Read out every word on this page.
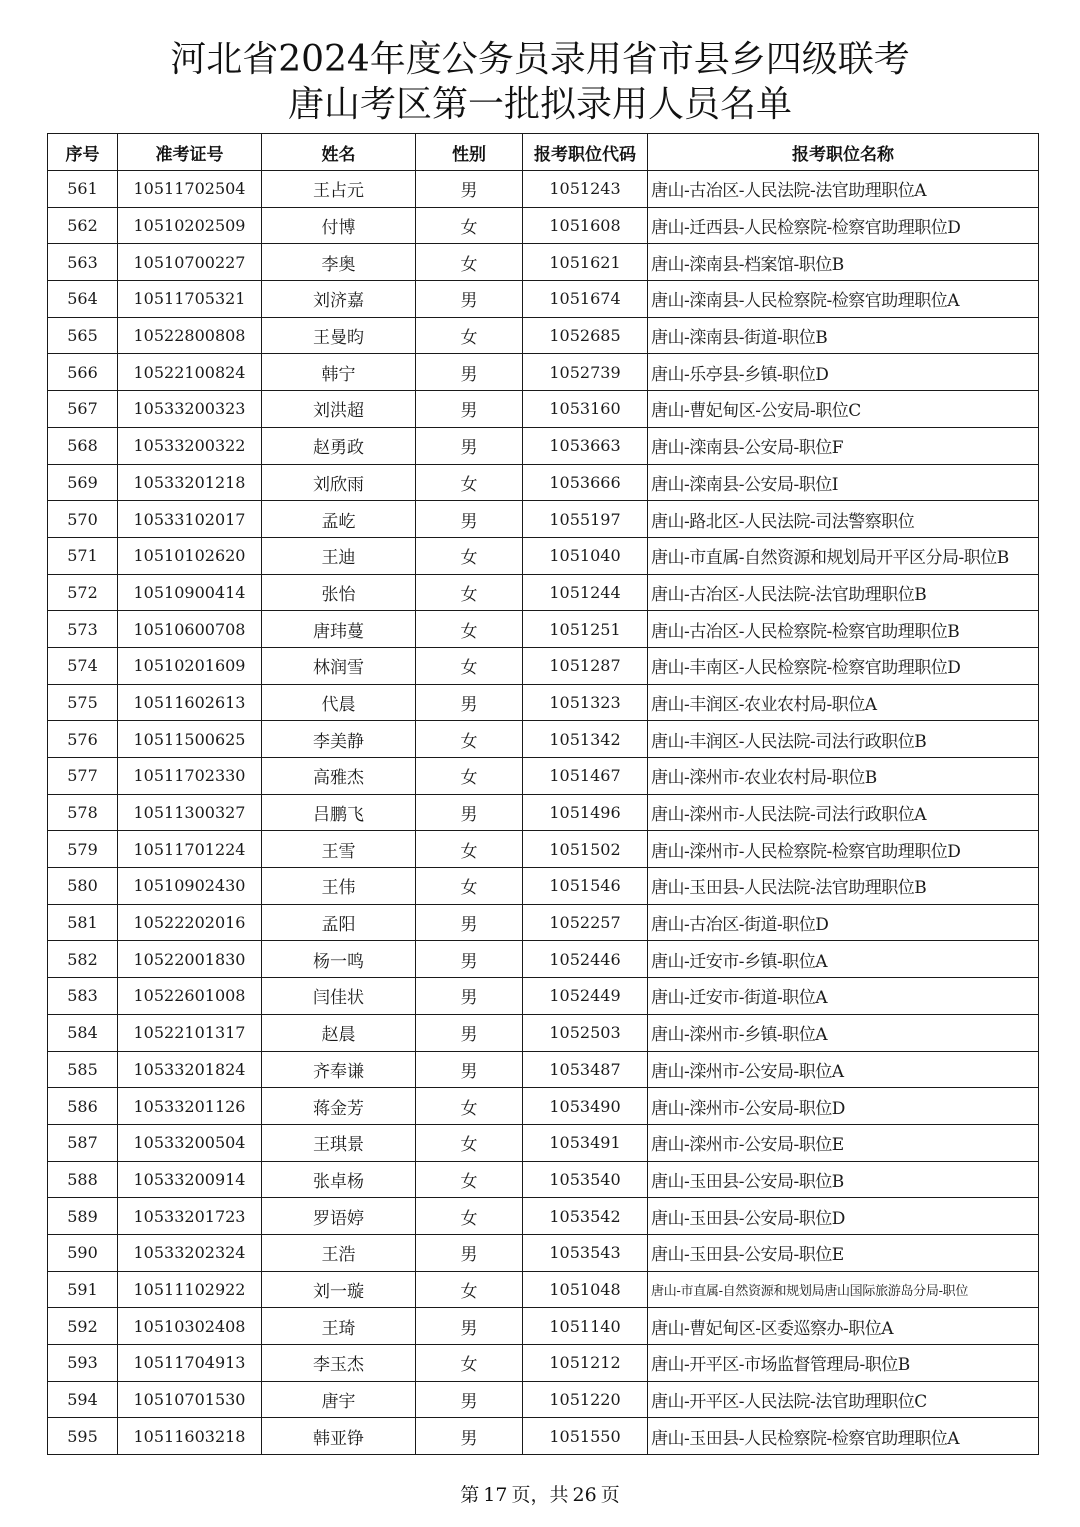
河北省2024年度公务员录用省市县乡四级联考
唐山考区第一批拟录用人员名单
序号	准考证号	姓名	性别	报考职位代码	报考职位名称
561	10511702504	王占元	男	1051243	唐山-古冶区-人民法院-法官助理职位A
562	10510202509	付博	女	1051608	唐山-迁西县-人民检察院-检察官助理职位D
563	10510700227	李奥	女	1051621	唐山-滦南县-档案馆-职位B
564	10511705321	刘济嘉	男	1051674	唐山-滦南县-人民检察院-检察官助理职位A
565	10522800808	王曼昀	女	1052685	唐山-滦南县-街道-职位B
566	10522100824	韩宁	男	1052739	唐山-乐亭县-乡镇-职位D
567	10533200323	刘洪超	男	1053160	唐山-曹妃甸区-公安局-职位C
568	10533200322	赵勇政	男	1053663	唐山-滦南县-公安局-职位F
569	10533201218	刘欣雨	女	1053666	唐山-滦南县-公安局-职位I
570	10533102017	孟屹	男	1055197	唐山-路北区-人民法院-司法警察职位
571	10510102620	王迪	女	1051040	唐山-市直属-自然资源和规划局开平区分局-职位B
572	10510900414	张怡	女	1051244	唐山-古冶区-人民法院-法官助理职位B
573	10510600708	唐玮蔓	女	1051251	唐山-古冶区-人民检察院-检察官助理职位B
574	10510201609	林润雪	女	1051287	唐山-丰南区-人民检察院-检察官助理职位D
575	10511602613	代晨	男	1051323	唐山-丰润区-农业农村局-职位A
576	10511500625	李美静	女	1051342	唐山-丰润区-人民法院-司法行政职位B
577	10511702330	高雅杰	女	1051467	唐山-滦州市-农业农村局-职位B
578	10511300327	吕鹏飞	男	1051496	唐山-滦州市-人民法院-司法行政职位A
579	10511701224	王雪	女	1051502	唐山-滦州市-人民检察院-检察官助理职位D
580	10510902430	王伟	女	1051546	唐山-玉田县-人民法院-法官助理职位B
581	10522202016	孟阳	男	1052257	唐山-古冶区-街道-职位D
582	10522001830	杨一鸣	男	1052446	唐山-迁安市-乡镇-职位A
583	10522601008	闫佳状	男	1052449	唐山-迁安市-街道-职位A
584	10522101317	赵晨	男	1052503	唐山-滦州市-乡镇-职位A
585	10533201824	齐奉谦	男	1053487	唐山-滦州市-公安局-职位A
586	10533201126	蒋金芳	女	1053490	唐山-滦州市-公安局-职位D
587	10533200504	王琪景	女	1053491	唐山-滦州市-公安局-职位E
588	10533200914	张卓杨	女	1053540	唐山-玉田县-公安局-职位B
589	10533201723	罗语婷	女	1053542	唐山-玉田县-公安局-职位D
590	10533202324	王浩	男	1053543	唐山-玉田县-公安局-职位E
591	10511102922	刘一璇	女	1051048	唐山-市直属-自然资源和规划局唐山国际旅游岛分局-职位
592	10510302408	王琦	男	1051140	唐山-曹妃甸区-区委巡察办-职位A
593	10511704913	李玉杰	女	1051212	唐山-开平区-市场监督管理局-职位B
594	10510701530	唐宇	男	1051220	唐山-开平区-人民法院-法官助理职位C
595	10511603218	韩亚铮	男	1051550	唐山-玉田县-人民检察院-检察官助理职位A
第 17 页，共 26 页
